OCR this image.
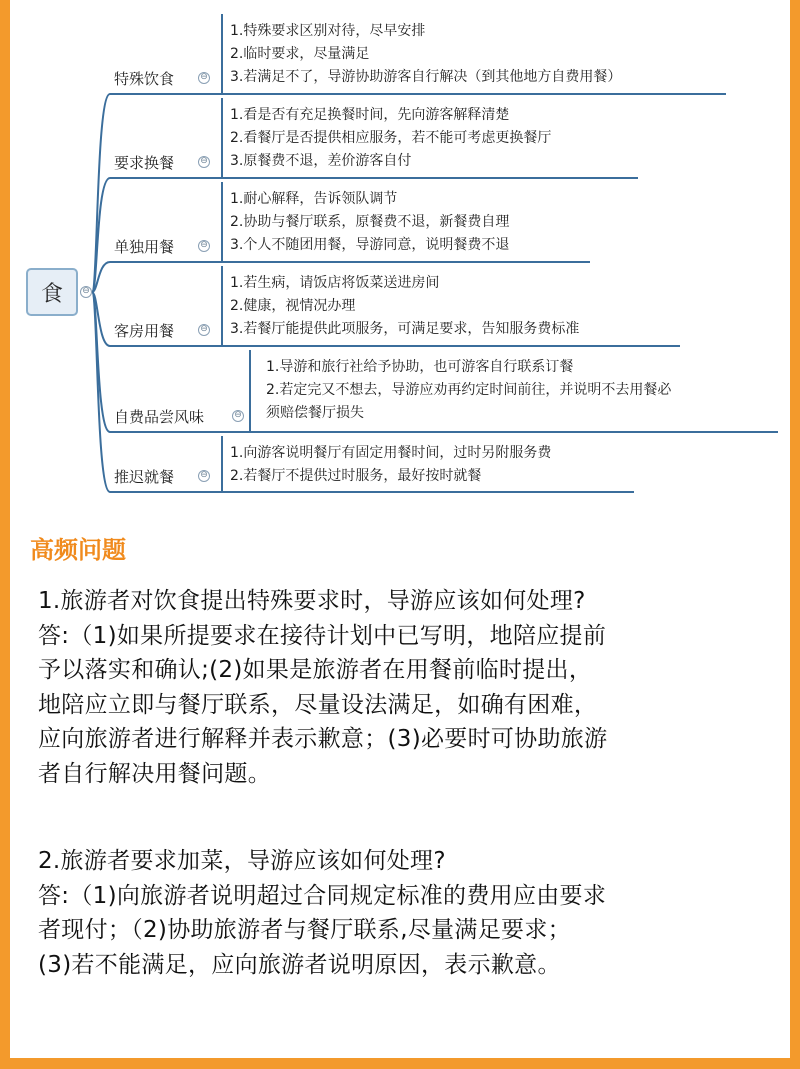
食	⊖
特殊饮食	⊖
1.特殊要求区别对待，尽早安排
2.临时要求，尽量满足
3.若满足不了，导游协助游客自行解决（到其他地方自费用餐）
要求换餐	⊖
1.看是否有充足换餐时间，先向游客解释清楚
2.看餐厅是否提供相应服务，若不能可考虑更换餐厅
3.原餐费不退，差价游客自付
单独用餐	⊖
1.耐心解释，告诉领队调节
2.协助与餐厅联系，原餐费不退，新餐费自理
3.个人不随团用餐，导游同意，说明餐费不退
客房用餐	⊖
1.若生病，请饭店将饭菜送进房间
2.健康，视情况办理
3.若餐厅能提供此项服务，可满足要求，告知服务费标准
自费品尝风味	⊖
1.导游和旅行社给予协助，也可游客自行联系订餐
2.若定完又不想去，导游应劝再约定时间前往，并说明不去用餐必
须赔偿餐厅损失
推迟就餐	⊖
1.向游客说明餐厅有固定用餐时间，过时另附服务费
2.若餐厅不提供过时服务，最好按时就餐
高频问题
1.旅游者对饮食提出特殊要求时，导游应该如何处理?
答:（1)如果所提要求在接待计划中已写明，地陪应提前
予以落实和确认;(2)如果是旅游者在用餐前临时提出，
地陪应立即与餐厅联系，尽量设法满足，如确有困难，
应向旅游者进行解释并表示歉意；(3)必要时可协助旅游
者自行解决用餐问题。
2.旅游者要求加菜，导游应该如何处理?
答:（1)向旅游者说明超过合同规定标准的费用应由要求
者现付；（2)协助旅游者与餐厅联系,尽量满足要求；
(3)若不能满足，应向旅游者说明原因，表示歉意。
